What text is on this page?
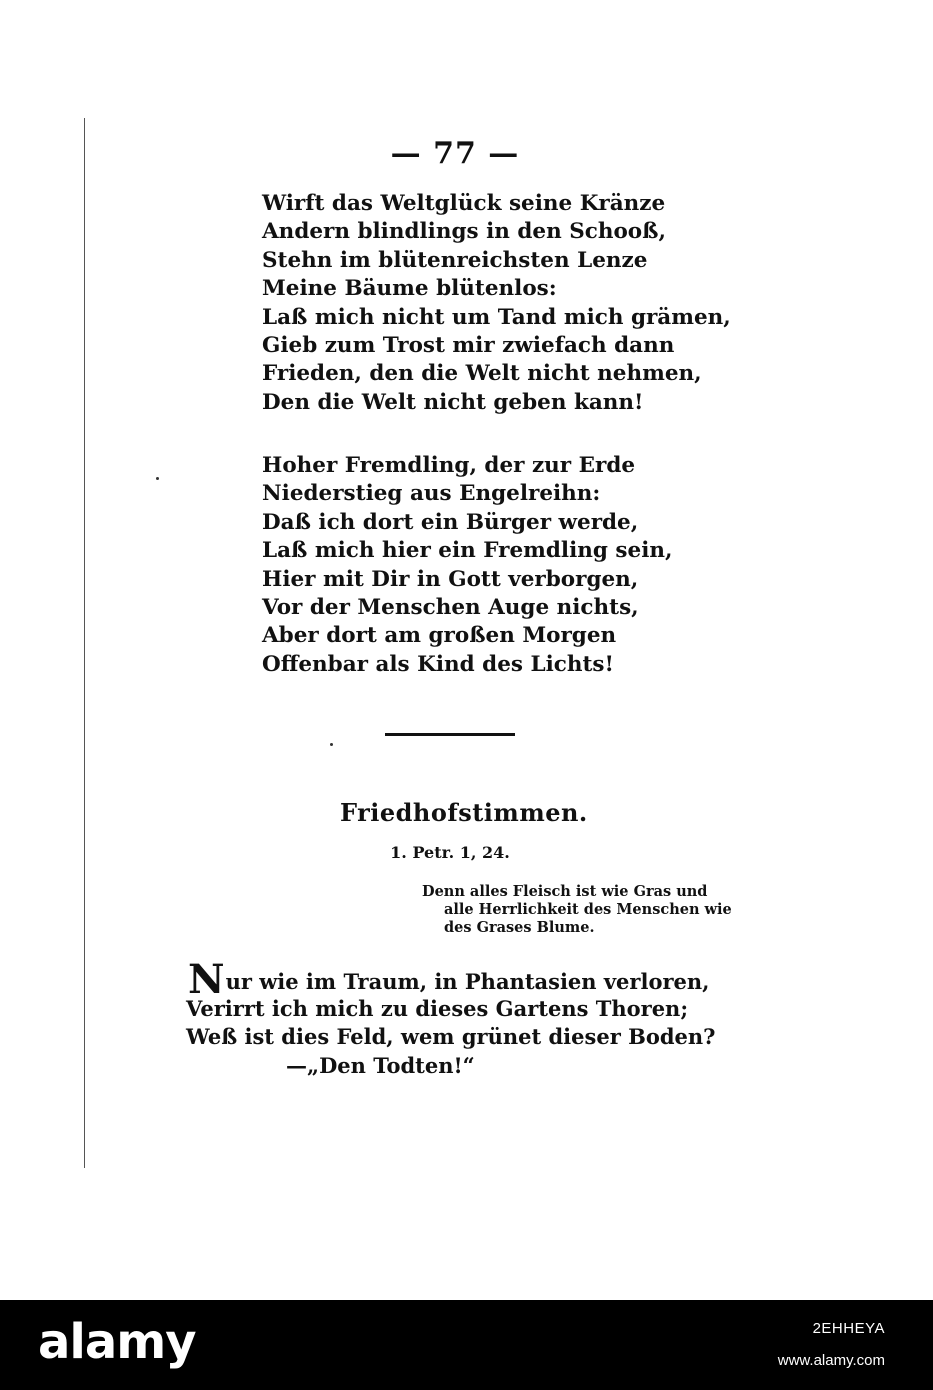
— 77 —
Wirft das Weltglück seine Kränze
Andern blindlings in den Schooß,
Stehn im blütenreichsten Lenze
Meine Bäume blütenlos:
Laß mich nicht um Tand mich grämen,
Gieb zum Trost mir zwiefach dann
Frieden, den die Welt nicht nehmen,
Den die Welt nicht geben kann!
Hoher Fremdling, der zur Erde
Niederstieg aus Engelreihn:
Daß ich dort ein Bürger werde,
Laß mich hier ein Fremdling sein,
Hier mit Dir in Gott verborgen,
Vor der Menschen Auge nichts,
Aber dort am großen Morgen
Offenbar als Kind des Lichts!
Friedhofstimmen.
1. Petr. 1, 24.
Denn alles Fleisch ist wie Gras und
alle Herrlichkeit des Menschen wie
des Grases Blume.
Nur wie im Traum, in Phantasien verloren,
Verirrt ich mich zu dieses Gartens Thoren;
Weß ist dies Feld, wem grünet dieser Boden?
—„Den Todten!“
alamy	2EHHEYA
www.alamy.com
